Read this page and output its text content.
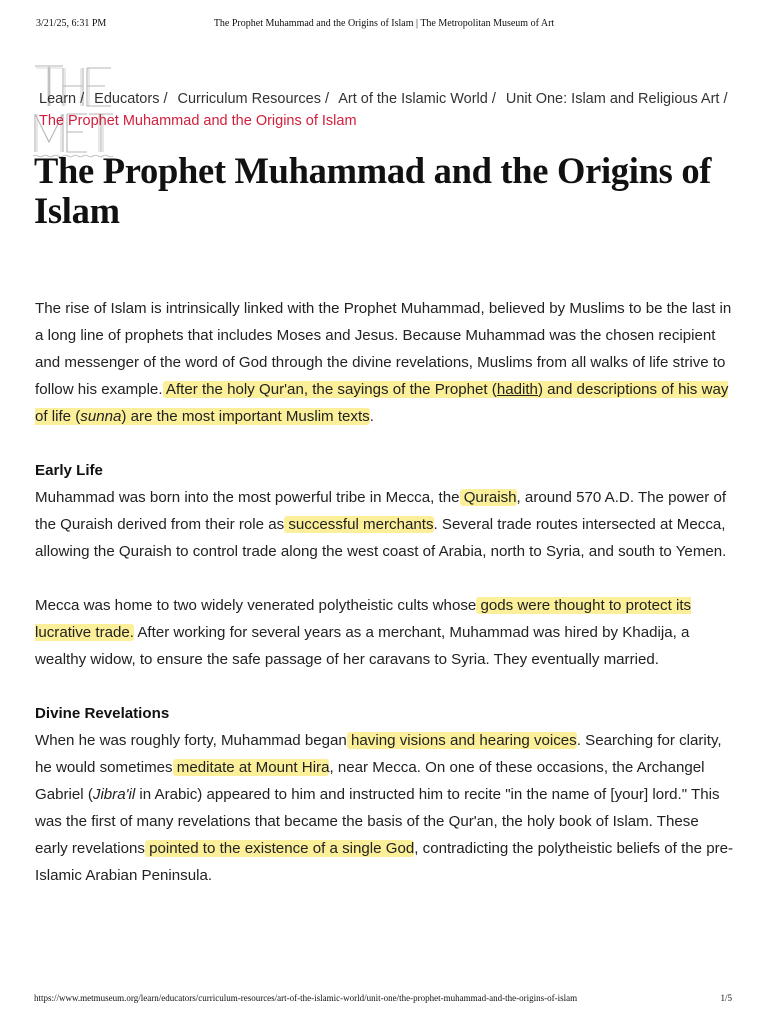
3/21/25, 6:31 PM	The Prophet Muhammad and the Origins of Islam | The Metropolitan Museum of Art
Learn / Educators / Curriculum Resources / Art of the Islamic World / Unit One: Islam and Religious Art /
The Prophet Muhammad and the Origins of Islam
The Prophet Muhammad and the Origins of Islam

The rise of Islam is intrinsically linked with the Prophet Muhammad, believed by Muslims to be the last in a long line of prophets that includes Moses and Jesus. Because Muhammad was the chosen recipient and messenger of the word of God through the divine revelations, Muslims from all walks of life strive to follow his example. After the holy Qur'an, the sayings of the Prophet (hadith) and descriptions of his way of life (sunna) are the most important Muslim texts.

Early Life

Muhammad was born into the most powerful tribe in Mecca, the Quraish, around 570 A.D. The power of the Quraish derived from their role as successful merchants. Several trade routes intersected at Mecca, allowing the Quraish to control trade along the west coast of Arabia, north to Syria, and south to Yemen.

Mecca was home to two widely venerated polytheistic cults whose gods were thought to protect its lucrative trade. After working for several years as a merchant, Muhammad was hired by Khadija, a wealthy widow, to ensure the safe passage of her caravans to Syria. They eventually married.

Divine Revelations

When he was roughly forty, Muhammad began having visions and hearing voices. Searching for clarity, he would sometimes meditate at Mount Hira, near Mecca. On one of these occasions, the Archangel Gabriel (Jibra'il in Arabic) appeared to him and instructed him to recite "in the name of [your] lord." This was the first of many revelations that became the basis of the Qur'an, the holy book of Islam. These early revelations pointed to the existence of a single God, contradicting the polytheistic beliefs of the pre-Islamic Arabian Peninsula.

https://www.metmuseum.org/learn/educators/curriculum-resources/art-of-the-islamic-world/unit-one/the-prophet-muhammad-and-the-origins-of-islam	1/5
